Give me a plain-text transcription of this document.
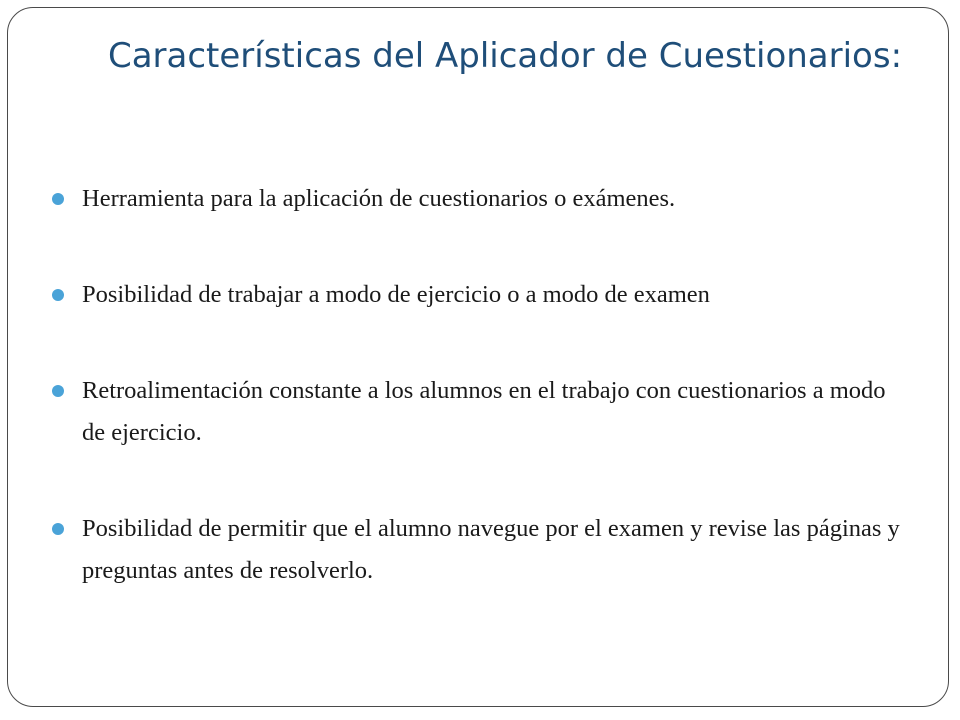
Características del Aplicador de Cuestionarios:
Herramienta para la aplicación de cuestionarios o exámenes.
Posibilidad de trabajar a modo de ejercicio o a modo de examen
Retroalimentación constante a los alumnos en el trabajo con cuestionarios a modo de ejercicio.
Posibilidad de permitir que el alumno navegue por el examen y revise las páginas y preguntas antes de resolverlo.
